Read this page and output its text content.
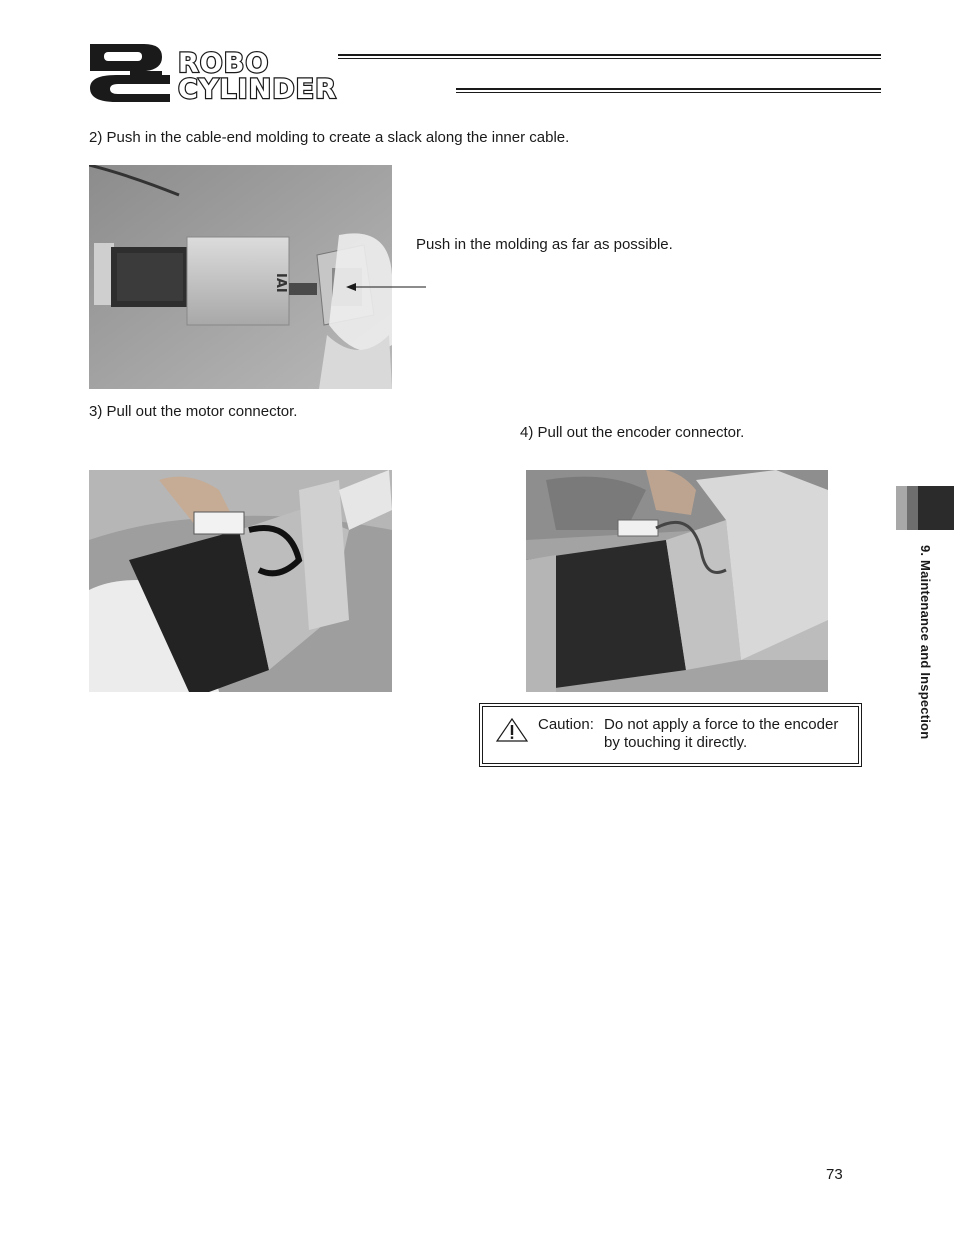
ROBO
CYLINDER
2) Push in the cable-end molding to create a slack along the inner cable.
IAI
Push in the molding as far as possible.
3) Pull out the motor connector.
4) Pull out the encoder connector.
Caution: Do not apply a force to the encoder by touching it directly.
9. Maintenance and Inspection
73
